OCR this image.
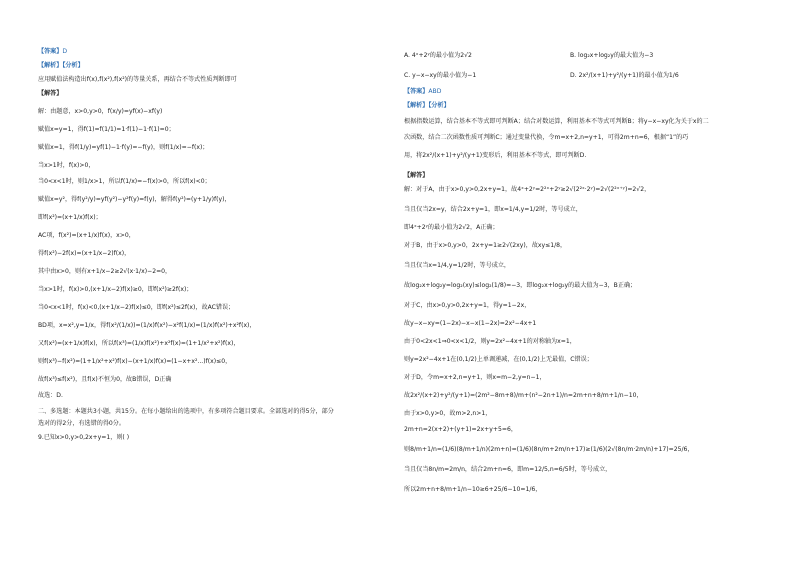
【答案】D
【解析】【分析】
应用赋值法构造出f(x),f(x²),f(x²)的等量关系，再结合不等式性质判断即可
【解答】
解：由题意，x>0,y>0，f(x/y)=yf(x)−xf(y)
赋值x=y=1，得f(1)=f(1/1)=1·f(1)−1·f(1)=0；
赋值x=1，得f(1/y)=yf(1)−1·f(y)=−f(y)，则f(1/x)=−f(x)；
当x>1时，f(x)>0，
当0<x<1时，则1/x>1，所以f(1/x)=−f(x)>0，所以f(x)<0；
赋值x=y²，得f(y²/y)=yf(y²)−y²f(y)=f(y)，解得f(y²)=(y+1/y)f(y)，
即f(x²)=(x+1/x)f(x)；
AC项，f(x²)=(x+1/x)f(x)，x>0，
得f(x²)−2f(x)=(x+1/x−2)f(x)，
其中由x>0，则有x+1/x−2≥2√(x·1/x)−2=0，
当x>1时，f(x)>0,(x+1/x−2)f(x)≥0，即f(x²)≥2f(x)；
当0<x<1时，f(x)<0,(x+1/x−2)f(x)≤0，即f(x²)≤2f(x)，故AC错误；
BD项，x=x²,y=1/x，得f(x²/(1/x))=(1/x)f(x²)−x²f(1/x)=(1/x)f(x²)+x²f(x)，
又f(x²)=(x+1/x)f(x)，所以f(x³)=(1/x)f(x²)+x²f(x)=(1+1/x²+x²)f(x)，
则f(x³)−f(x²)=(1+1/x²+x²)f(x)−(x+1/x)f(x)=(1−x+x²...)f(x)≤0，
故f(x³)≤f(x²)，且f(x)不恒为0，故B错误，D正确
故选：D.
二、多选题：本题共3小题，共15分。在每小题给出的选项中，有多项符合题目要求。全部选对的得5分，部分
选对的得2分，有选错的得0分。
9.已知x>0,y>0,2x+y=1，则( )
A. 4ˣ+2ʸ的最小值为2√2	B. log₂x+log₂y的最大值为−3
C. y−x−xy的最小值为−1	D. 2x²/(x+1)+y²/(y+1)的最小值为1/6
【答案】ABD
【解析】【分析】
根据指数运算，结合基本不等式即可判断A；结合对数运算，利用基本不等式可判断B；将y−x−xy化为关于x的二
次函数，结合二次函数性质可判断C；通过变量代换，令m=x+2,n=y+1，可得2m+n=6，根据“1”的巧
用，将2x²/(x+1)+y²/(y+1)变形后，利用基本不等式，即可判断D.
【解答】
解：对于A，由于x>0,y>0,2x+y=1，故4ˣ+2ʸ=2²ˣ+2ʸ≥2√(2²ˣ·2ʸ)=2√(2²ˣ⁺ʸ)=2√2，
当且仅当2x=y，结合2x+y=1，即x=1/4,y=1/2时，等号成立，
即4ˣ+2ʸ的最小值为2√2，A正确；
对于B，由于x>0,y>0，2x+y=1≥2√(2xy)，故xy≤1/8，
当且仅当x=1/4,y=1/2时，等号成立，
故log₂x+log₂y=log₂(xy)≤log₂(1/8)=−3，即log₂x+log₂y的最大值为−3，B正确；
对于C，由x>0,y>0,2x+y=1，得y=1−2x，
故y−x−xy=(1−2x)−x−x(1−2x)=2x²−4x+1
由于0<2x<1⇒0<x<1/2，则y=2x²−4x+1的对称轴为x=1，
则y=2x²−4x+1在(0,1/2)上单调递减，在(0,1/2)上无最值，C错误；
对于D，令m=x+2,n=y+1，则x=m−2,y=n−1，
故2x²/(x+2)+y²/(y+1)=(2m²−8m+8)/m+(n²−2n+1)/n=2m+n+8/m+1/n−10，
由于x>0,y>0，故m>2,n>1，
2m+n=2(x+2)+(y+1)=2x+y+5=6，
则8/m+1/n=(1/6)(8/m+1/n)(2m+n)=(1/6)(8n/m+2m/n+17)≥(1/6)(2√(8n/m·2m/n)+17)=25/6，
当且仅当8n/m=2m/n，结合2m+n=6，即m=12/5,n=6/5时，等号成立，
所以2m+n+8/m+1/n−10≥6+25/6−10=1/6，
